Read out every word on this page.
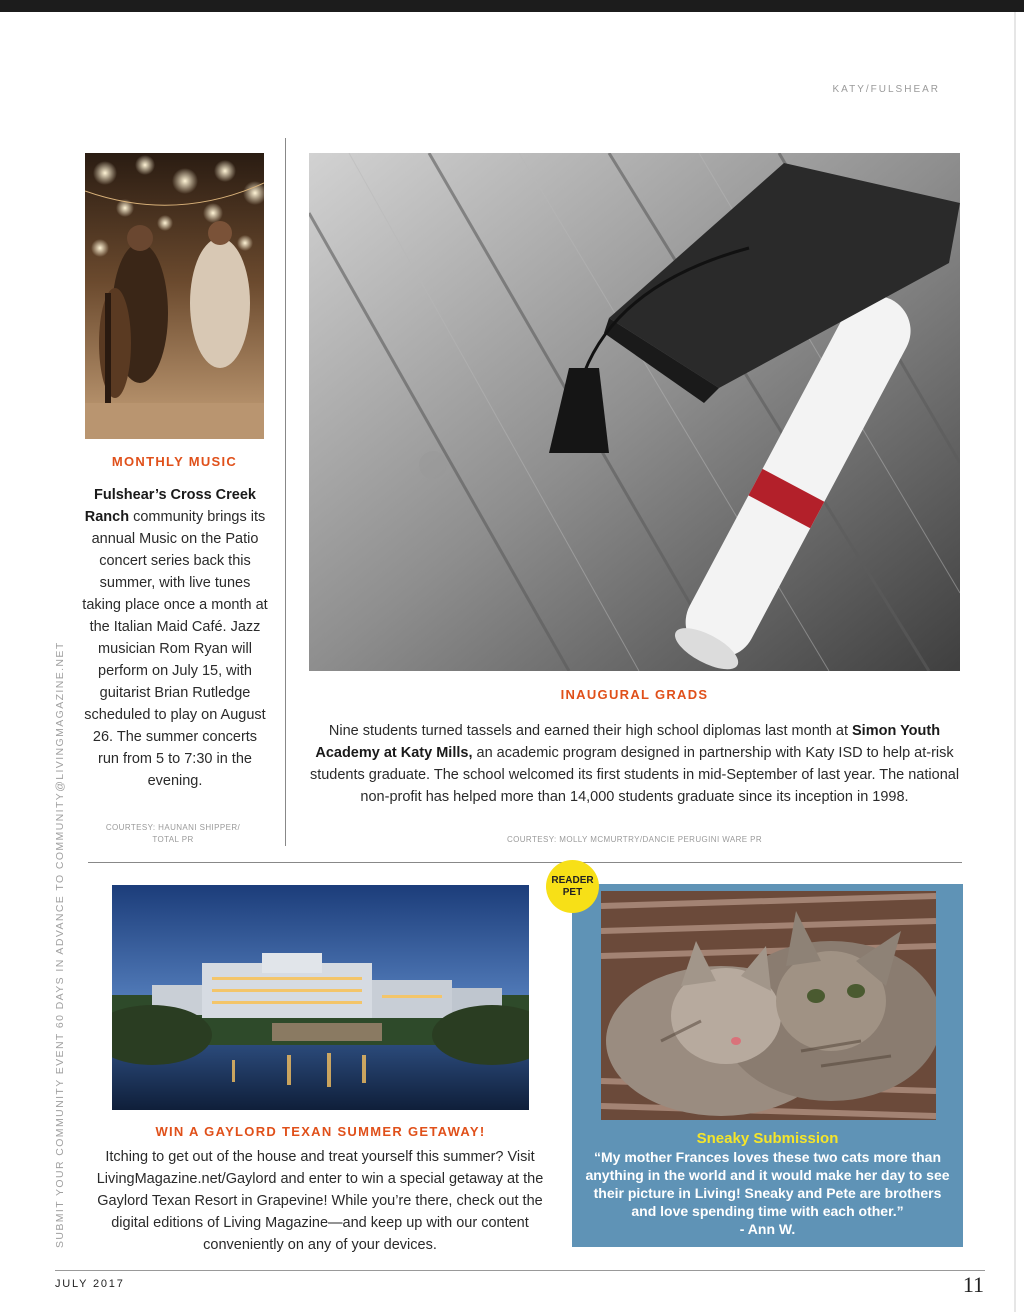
KATY/FULSHEAR
SUBMIT YOUR COMMUNITY EVENT 60 DAYS IN ADVANCE TO COMMUNITY@LIVINGMAGAZINE.NET
MONTHLY MUSIC
Fulshear’s Cross Creek Ranch community brings its annual Music on the Patio concert series back this summer, with live tunes taking place once a month at the Italian Maid Café. Jazz musician Rom Ryan will perform on July 15, with guitarist Brian Rutledge scheduled to play on August 26. The summer concerts run from 5 to 7:30 in the evening.
COURTESY: HAUNANI SHIPPER/
TOTAL PR
INAUGURAL GRADS
Nine students turned tassels and earned their high school diplomas last month at Simon Youth Academy at Katy Mills, an academic program designed in partnership with Katy ISD to help at-risk students graduate. The school welcomed its first students in mid-September of last year. The national non-profit has helped more than 14,000 students graduate since its inception in 1998.
COURTESY: MOLLY MCMURTRY/DANCIE PERUGINI WARE PR
WIN A GAYLORD TEXAN SUMMER GETAWAY!
Itching to get out of the house and treat yourself this summer? Visit LivingMagazine.net/Gaylord and enter to win a special getaway at the Gaylord Texan Resort in Grapevine! While you’re there, check out the digital editions of Living Magazine—and keep up with our content conveniently on any of your devices.
READER
PET
Sneaky Submission
“My mother Frances loves these two cats more than anything in the world and it would make her day to see their picture in Living! Sneaky and Pete are brothers and love spending time with each other.”
- Ann W.
JULY 2017	11
